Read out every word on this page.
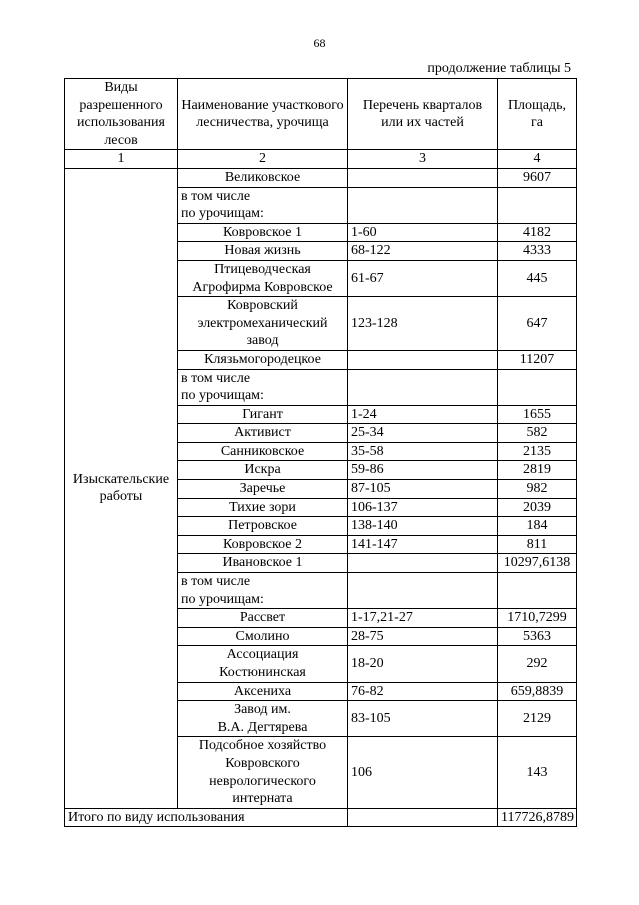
68
продолжение таблицы 5
Виды разрешенного использования лесов	Наименование участкового лесничества, урочища	Перечень кварталов или их частей	Площадь, га
1	2	3	4
Изыскательские работы	Великовское		9607
	в том числе
по урочищам:		
	Ковровское 1	1-60	4182
	Новая жизнь	68-122	4333
	Птицеводческая
Агрофирма Ковровское	61-67	445
	Ковровский
электромеханический
завод	123-128	647
	Клязьмогородецкое		11207
	в том числе
по урочищам:		
	Гигант	1-24	1655
	Активист	25-34	582
	Санниковское	35-58	2135
	Искра	59-86	2819
	Заречье	87-105	982
	Тихие зори	106-137	2039
	Петровское	138-140	184
	Ковровское 2	141-147	811
	Ивановское 1		10297,6138
	в том числе
по урочищам:		
	Рассвет	1-17,21-27	1710,7299
	Смолино	28-75	5363
	Ассоциация
Костюнинская	18-20	292
	Аксениха	76-82	659,8839
	Завод им.
В.А. Дегтярева	83-105	2129
	Подсобное хозяйство
Ковровского
неврологического
интерната	106	143
Итого по виду использования			117726,8789
